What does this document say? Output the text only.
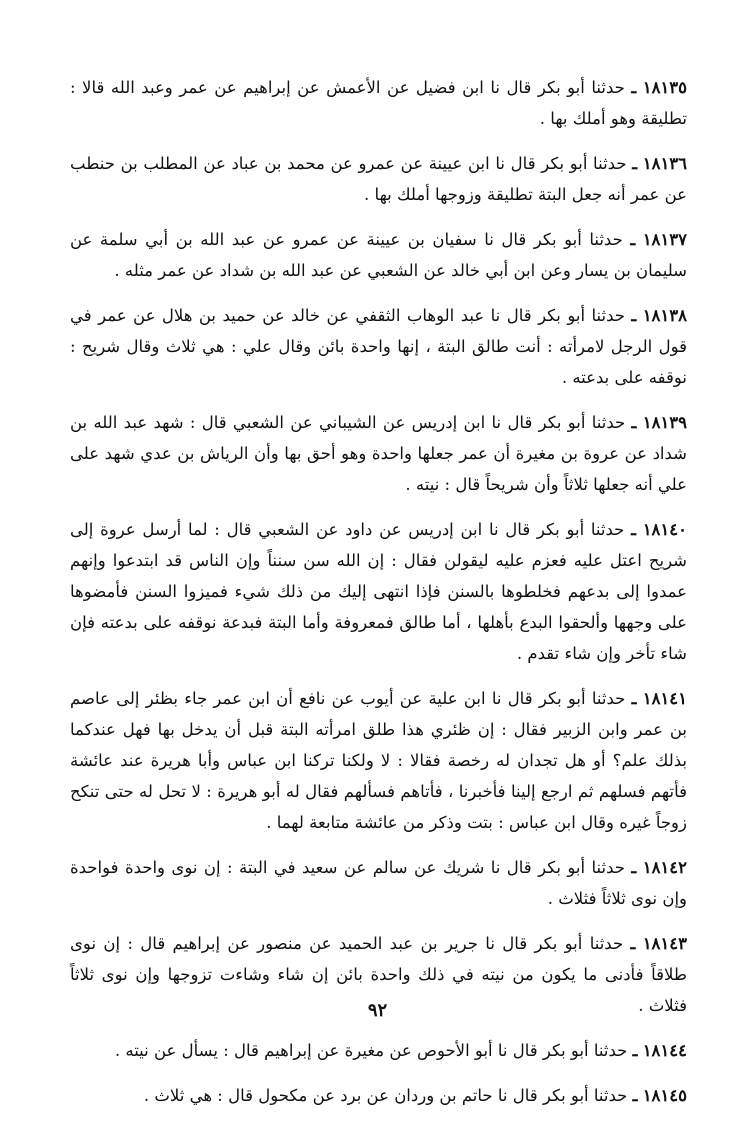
١٨١٣٥ ـ حدثنا أبو بكر قال نا ابن فضيل عن الأعمش عن إبراهيم عن عمر وعبد الله قالا : تطليقة وهو أملك بها .

١٨١٣٦ ـ حدثنا أبو بكر قال نا ابن عيينة عن عمرو عن محمد بن عباد عن المطلب بن حنطب عن عمر أنه جعل البتة تطليقة وزوجها أملك بها .

١٨١٣٧ ـ حدثنا أبو بكر قال نا سفيان بن عيينة عن عمرو عن عبد الله بن أبي سلمة عن سليمان بن يسار وعن ابن أبي خالد عن الشعبي عن عبد الله بن شداد عن عمر مثله .

١٨١٣٨ ـ حدثنا أبو بكر قال نا عبد الوهاب الثقفي عن خالد عن حميد بن هلال عن عمر في قول الرجل لامرأته : أنت طالق البتة ، إنها واحدة بائن وقال علي : هي ثلاث وقال شريح : نوقفه على بدعته .

١٨١٣٩ ـ حدثنا أبو بكر قال نا ابن إدريس عن الشيباني عن الشعبي قال : شهد عبد الله بن شداد عن عروة بن مغيرة أن عمر جعلها واحدة وهو أحق بها وأن الرياش بن عدي شهد على علي أنه جعلها ثلاثاً وأن شريحاً قال : نيته .

١٨١٤٠ ـ حدثنا أبو بكر قال نا ابن إدريس عن داود عن الشعبي قال : لما أرسل عروة إلى شريح اعتل عليه فعزم عليه ليقولن فقال : إن الله سن سنناً وإن الناس قد ابتدعوا وإنهم عمدوا إلى بدعهم فخلطوها بالسنن فإذا انتهى إليك من ذلك شيء فميزوا السنن فأمضوها على وجهها وألحقوا البدع بأهلها ، أما طالق فمعروفة وأما البتة فبدعة نوقفه على بدعته فإن شاء تأخر وإن شاء تقدم .

١٨١٤١ ـ حدثنا أبو بكر قال نا ابن علية عن أيوب عن نافع أن ابن عمر جاء بظئر إلى عاصم بن عمر وابن الزبير فقال : إن ظئري هذا طلق امرأته البتة قبل أن يدخل بها فهل عندكما بذلك علم؟ أو هل تجدان له رخصة فقالا : لا ولكنا تركنا ابن عباس وأبا هريرة عند عائشة فأتهم فسلهم ثم ارجع إلينا فأخبرنا ، فأتاهم فسألهم فقال له أبو هريرة : لا تحل له حتى تنكح زوجاً غيره وقال ابن عباس : بتت وذكر من عائشة متابعة لهما .

١٨١٤٢ ـ حدثنا أبو بكر قال نا شريك عن سالم عن سعيد في البتة : إن نوى واحدة فواحدة وإن نوى ثلاثاً فثلاث .

١٨١٤٣ ـ حدثنا أبو بكر قال نا جرير بن عبد الحميد عن منصور عن إبراهيم قال : إن نوى طلاقاً فأدنى ما يكون من نيته في ذلك واحدة بائن إن شاء وشاءت تزوجها وإن نوى ثلاثاً فثلاث .

١٨١٤٤ ـ حدثنا أبو بكر قال نا أبو الأحوص عن مغيرة عن إبراهيم قال : يسأل عن نيته .

١٨١٤٥ ـ حدثنا أبو بكر قال نا حاتم بن وردان عن برد عن مكحول قال : هي ثلاث .

٩٢
